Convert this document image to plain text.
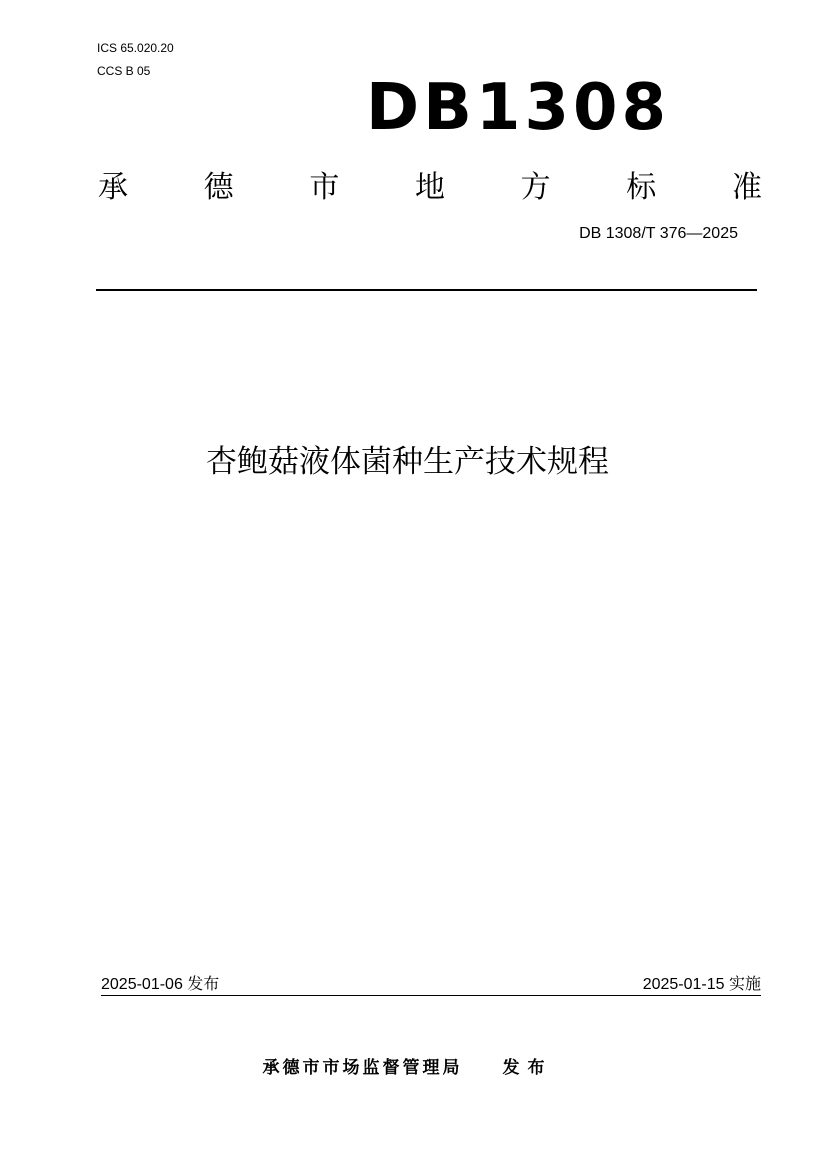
ICS 65.020.20
CCS B 05	DB1308
承	德	市	地	方	标	准
DB 1308/T 376—2025
杏鲍菇液体菌种生产技术规程
2025-01-06 发布	2025-01-15 实施
承德市市场监督管理局 发布
